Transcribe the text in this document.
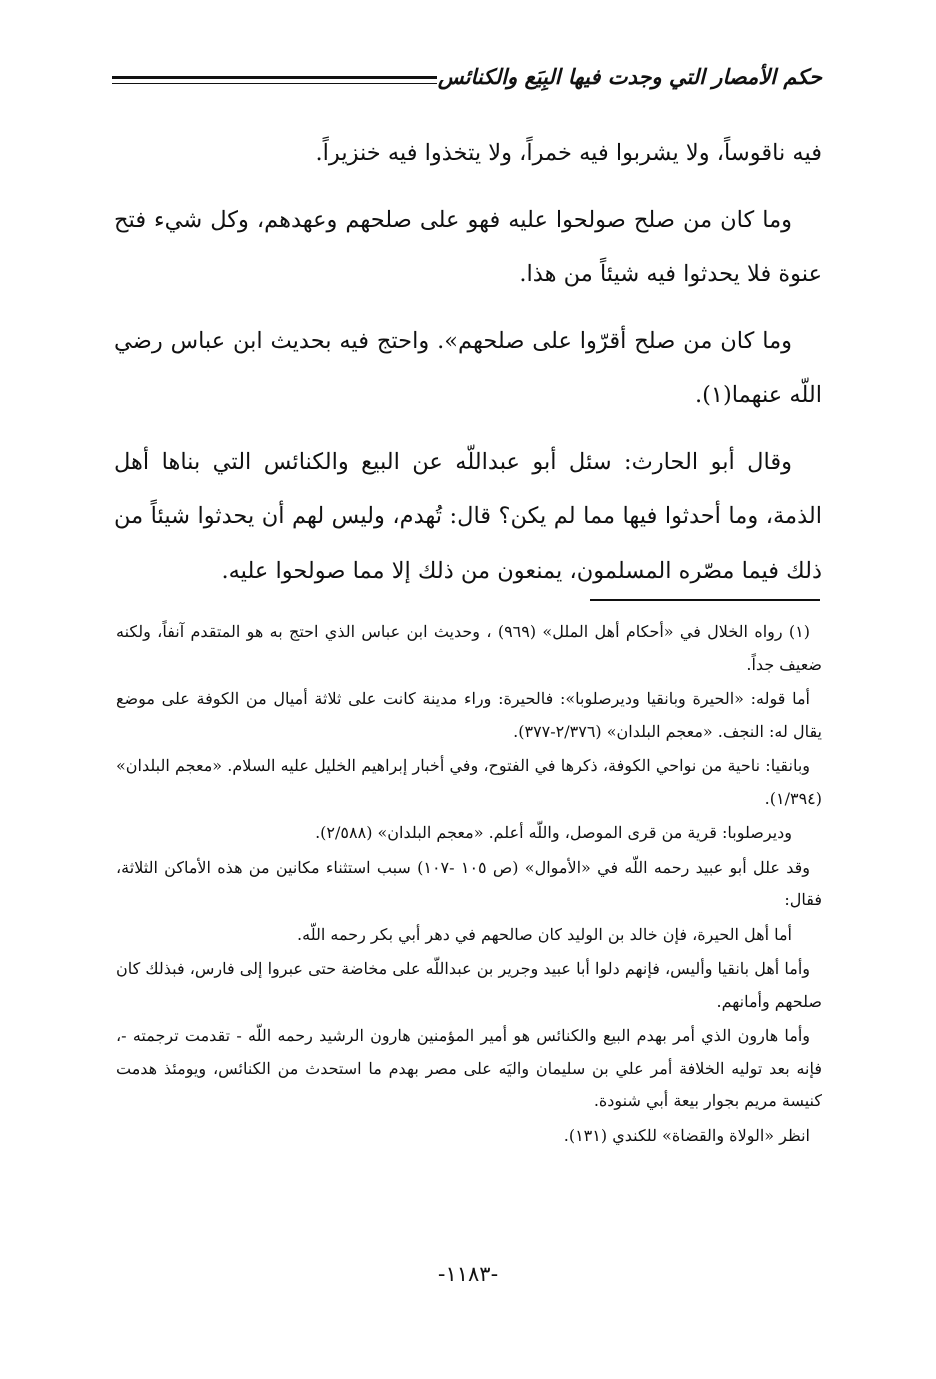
حكم الأمصار التي وجدت فيها البِيَع والكنائس

فيه ناقوساً، ولا يشربوا فيه خمراً، ولا يتخذوا فيه خنزيراً.

وما كان من صلح صولحوا عليه فهو على صلحهم وعهدهم، وكل شيء فتح عنوة فلا يحدثوا فيه شيئاً من هذا.

وما كان من صلح أقرّوا على صلحهم». واحتج فيه بحديث ابن عباس رضي اللّه عنهما(١).

وقال أبو الحارث: سئل أبو عبداللّه عن البيع والكنائس التي بناها أهل الذمة، وما أحدثوا فيها مما لم يكن؟ قال: تُهدم، وليس لهم أن يحدثوا شيئاً من ذلك فيما مصّره المسلمون، يمنعون من ذلك إلا مما صولحوا عليه.

(١) رواه الخلال في «أحكام أهل الملل» (٩٦٩) ، وحديث ابن عباس الذي احتج به هو المتقدم آنفاً، ولكنه ضعيف جداً.

أما قوله: «الحيرة وبانقيا وديرصلوبا»: فالحيرة: وراء مدينة كانت على ثلاثة أميال من الكوفة على موضع يقال له: النجف. «معجم البلدان» (٢/٣٧٦-٣٧٧).

وبانقيا: ناحية من نواحي الكوفة، ذكرها في الفتوح، وفي أخبار إبراهيم الخليل عليه السلام. «معجم البلدان» (١/٣٩٤).

وديرصلوبا: قرية من قرى الموصل، واللّه أعلم. «معجم البلدان» (٢/٥٨٨).

وقد علل أبو عبيد رحمه اللّه في «الأموال» (ص ١٠٥ -١٠٧) سبب استثناء مكانين من هذه الأماكن الثلاثة، فقال:

أما أهل الحيرة، فإن خالد بن الوليد كان صالحهم في دهر أبي بكر رحمه اللّه.

وأما أهل بانقيا وأليس، فإنهم دلوا أبا عبيد وجرير بن عبداللّه على مخاضة حتى عبروا إلى فارس، فبذلك كان صلحهم وأمانهم.

وأما هارون الذي أمر بهدم البيع والكنائس هو أمير المؤمنين هارون الرشيد رحمه اللّه - تقدمت ترجمته -، فإنه بعد توليه الخلافة أمر علي بن سليمان واليَه على مصر بهدم ما استحدث من الكنائس، ويومئذ هدمت كنيسة مريم بجوار بيعة أبي شنودة.

انظر «الولاة والقضاة» للكندي (١٣١).

-١١٨٣-
